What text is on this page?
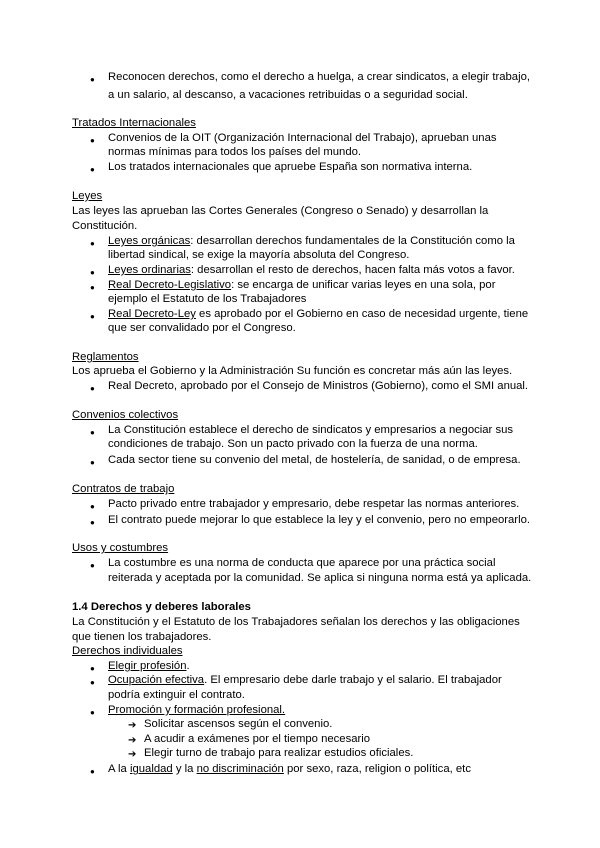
● Reconocen derechos, como el derecho a huelga, a crear sindicatos, a elegir trabajo,
a un salario, al descanso, a vacaciones retribuidas o a seguridad social.
Tratados Internacionales
● Convenios de la OIT (Organización Internacional del Trabajo), aprueban unas
normas mínimas para todos los países del mundo.
● Los tratados internacionales que apruebe España son normativa interna.
Leyes
Las leyes las aprueban las Cortes Generales (Congreso o Senado) y desarrollan la
Constitución.
● Leyes orgánicas: desarrollan derechos fundamentales de la Constitución como la
libertad sindical, se exige la mayoría absoluta del Congreso.
● Leyes ordinarias: desarrollan el resto de derechos, hacen falta más votos a favor.
● Real Decreto-Legislativo: se encarga de unificar varias leyes en una sola, por
ejemplo el Estatuto de los Trabajadores
● Real Decreto-Ley es aprobado por el Gobierno en caso de necesidad urgente, tiene
que ser convalidado por el Congreso.
Reglamentos
Los aprueba el Gobierno y la Administración Su función es concretar más aún las leyes.
● Real Decreto, aprobado por el Consejo de Ministros (Gobierno), como el SMI anual.
Convenios colectivos
● La Constitución establece el derecho de sindicatos y empresarios a negociar sus
condiciones de trabajo. Son un pacto privado con la fuerza de una norma.
● Cada sector tiene su convenio del metal, de hostelería, de sanidad, o de empresa.
Contratos de trabajo
● Pacto privado entre trabajador y empresario, debe respetar las normas anteriores.
● El contrato puede mejorar lo que establece la ley y el convenio, pero no empeorarlo.
Usos y costumbres
● La costumbre es una norma de conducta que aparece por una práctica social
reiterada y aceptada por la comunidad. Se aplica si ninguna norma está ya aplicada.
1.4 Derechos y deberes laborales
La Constitución y el Estatuto de los Trabajadores señalan los derechos y las obligaciones
que tienen los trabajadores.
Derechos individuales
● Elegir profesión.
● Ocupación efectiva. El empresario debe darle trabajo y el salario. El trabajador
podría extinguir el contrato.
● Promoción y formación profesional.
➔ Solicitar ascensos según el convenio.
➔ A acudir a exámenes por el tiempo necesario
➔ Elegir turno de trabajo para realizar estudios oficiales.
● A la igualdad y la no discriminación por sexo, raza, religion o política, etc
